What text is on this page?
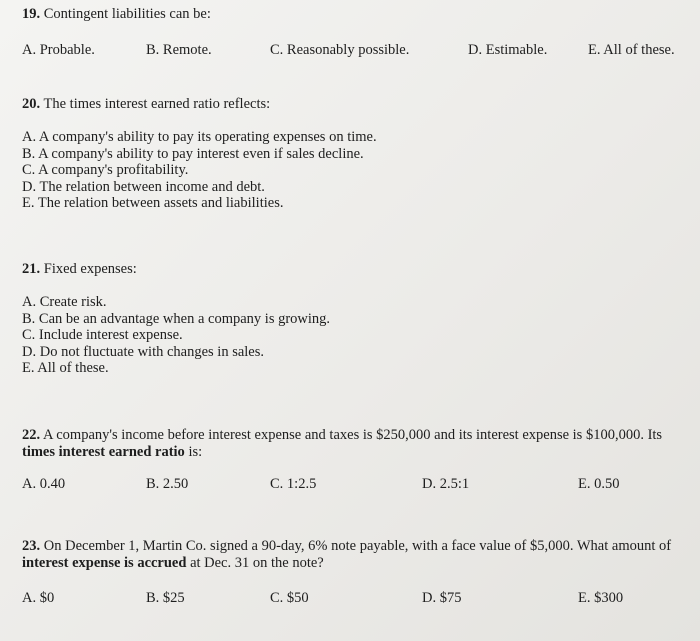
19. Contingent liabilities can be:

A. Probable.	B. Remote.	C. Reasonably possible.	D. Estimable.	E. All of these.

20. The times interest earned ratio reflects:

A. A company's ability to pay its operating expenses on time.
B. A company's ability to pay interest even if sales decline.
C. A company's profitability.
D. The relation between income and debt.
E. The relation between assets and liabilities.

21. Fixed expenses:

A. Create risk.
B. Can be an advantage when a company is growing.
C. Include interest expense.
D. Do not fluctuate with changes in sales.
E. All of these.

22. A company's income before interest expense and taxes is $250,000 and its interest expense is $100,000. Its times interest earned ratio is:

A. 0.40	B. 2.50	C. 1:2.5	D. 2.5:1	E. 0.50

23. On December 1, Martin Co. signed a 90-day, 6% note payable, with a face value of $5,000. What amount of interest expense is accrued at Dec. 31 on the note?

A. $0	B. $25	C. $50	D. $75	E. $300
